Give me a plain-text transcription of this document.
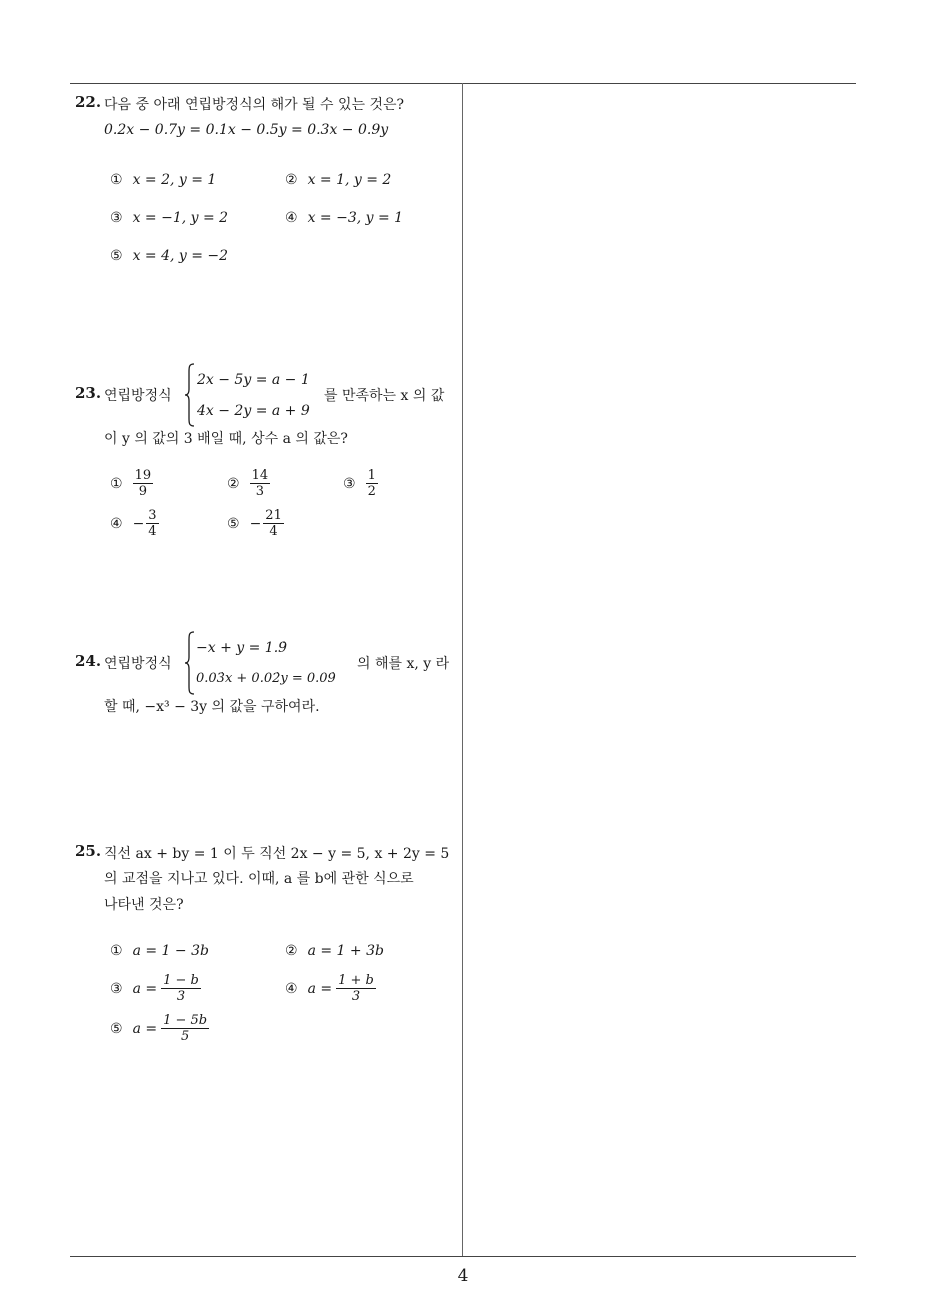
22. 다음 중 아래 연립방정식의 해가 될 수 있는 것은?
0.2x − 0.7y = 0.1x − 0.5y = 0.3x − 0.9y
① x = 2, y = 1	② x = 1, y = 2
③ x = −1, y = 2	④ x = −3, y = 1
⑤ x = 4, y = −2
23. 연립방정식
2x − 5y = a − 1
4x − 2y = a + 9
를 만족하는 x 의 값
이 y 의 값의 3 배일 때, 상수 a 의 값은?
① $\frac{19}{9}$	② $\frac{14}{3}$	③ $\frac{1}{2}$
④ − $\frac{3}{4}$	⑤ − $\frac{21}{4}$
24. 연립방정식
−x + y = 1.9̇
0.03̇x + 0.02̇y = 0.09̇
의 해를 x, y 라
할 때, −x³ − 3y 의 값을 구하여라.
25. 직선 ax + by = 1 이 두 직선 2x − y = 5, x + 2y = 5
의 교점을 지나고 있다. 이때, a 를 b에 관한 식으로
나타낸 것은?
① a = 1 − 3b	② a = 1 + 3b
③ $a = \frac{1 - b}{3}$	④ $a = \frac{1 + b}{3}$
⑤ $a = \frac{1 - 5b}{5}$
4
